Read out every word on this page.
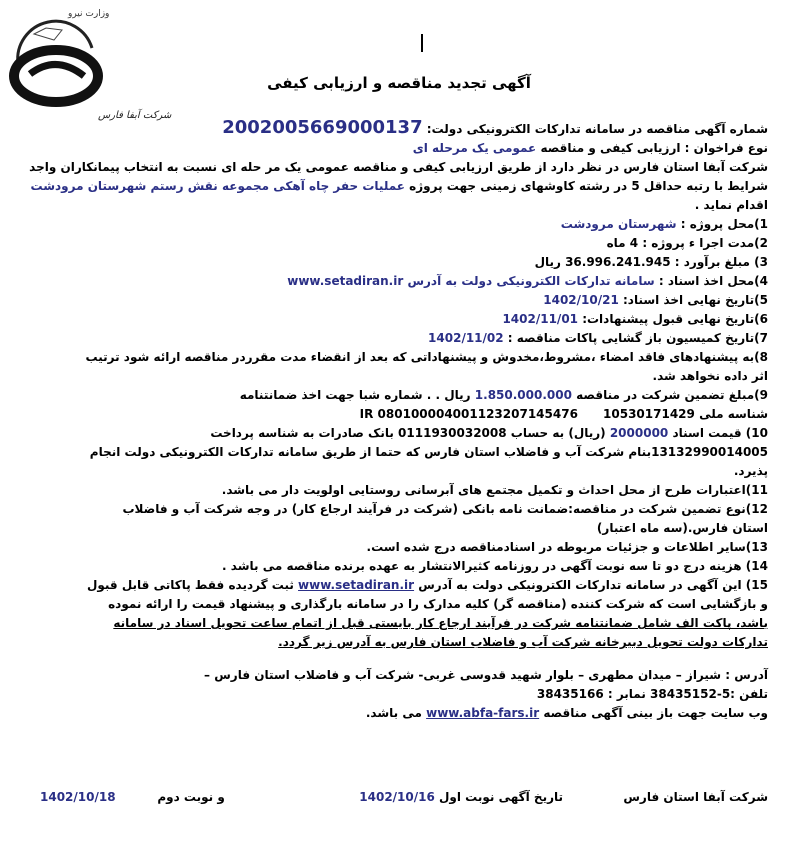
وزارت نیرو
شرکت آبفا فارس
آگهی تجدید مناقصه و ارزیابی کیفی
شماره آگهی مناقصه در سامانه تدارکات الکترونیکی دولت: 2002005669000137
نوع فراخوان : ارزیابی کیفی و مناقصه عمومی یک مرحله ای
شرکت آبفا استان فارس در نظر دارد از طریق ارزیابی کیفی و مناقصه عمومی یک مر حله ای نسبت به انتخاب پیمانکاران واجد
شرایط با رتبه حداقل 5 در رشته کاوشهای زمینی جهت پروژه عملیات حفر چاه آهکی مجموعه نقش رستم شهرستان مرودشت
اقدام نماید .
1)محل پروژه : شهرستان مرودشت
2)مدت اجرا ء پروژه : 4 ماه
3) مبلغ برآورد : 36.996.241.945 ریال
4)محل اخذ اسناد : سامانه تدارکات الکترونیکی دولت به آدرس www.setadiran.ir
5)تاریخ نهایی اخذ اسناد: 1402/10/21
6)تاریخ نهایی قبول پیشنهادات: 1402/11/01
7)تاریخ کمیسیون باز گشایی پاکات مناقصه : 1402/11/02
8)به پیشنهادهای فاقد امضاء ،مشروط،مخدوش و پیشنهاداتی که بعد از انقضاء مدت مقرردر مناقصه ارائه شود ترتیب
اثر داده نخواهد شد.
9)مبلغ تضمین شرکت در مناقصه 1.850.000.000 ریال . . شماره شبا جهت اخذ ضمانتنامه
شناسه ملی 10530171429      IR 080100004001123207145476
10) قیمت اسناد 2000000 (ریال) به حساب 0111930032008 بانک صادرات به شناسه پرداخت
13132990014005بنام شرکت آب و فاضلاب استان فارس که حتما از طریق سامانه تدارکات الکترونیکی دولت انجام
پذیرد.
11)اعتبارات طرح از محل احداث و تکمیل مجتمع های آبرسانی روستایی اولویت دار می باشد.
12)نوع تضمین شرکت در مناقصه:ضمانت نامه بانکی (شرکت در فرآیند ارجاع کار) در وجه شرکت آب و فاضلاب
استان فارس.(سه ماه اعتبار)
13)سایر اطلاعات و جزئیات مربوطه در اسنادمناقصه درج شده است.
14) هزینه درج دو تا سه نوبت آگهی در روزنامه کثیرالانتشار به عهده برنده مناقصه می باشد .
15) این آگهی در سامانه تدارکات الکترونیکی دولت به آدرس www.setadiran.ir ثبت گردیده فقط پاکاتی قابل قبول
و بازگشایی است که شرکت کننده (مناقصه گر) کلیه مدارک را در سامانه بارگذاری و پیشنهاد قیمت را ارائه نموده
باشد، پاکت الف شامل ضمانتنامه شرکت در فرآیند ارجاع کار بایستی قبل از اتمام ساعت تحویل اسناد در سامانه
تدارکات دولت تحویل دبیرخانه شرکت آب و فاضلاب استان فارس به آدرس زیر گردد.
آدرس : شیراز – میدان مطهری – بلوار شهید قدوسی غربی- شرکت آب و فاضلاب استان فارس –
تلفن :5-38435152 نمابر : 38435166
وب سایت جهت باز بینی آگهی مناقصه www.abfa-fars.ir می باشد.
شرکت آبفا استان فارس
تاریخ آگهی نوبت اول 1402/10/16
و نوبت دوم          1402/10/18
